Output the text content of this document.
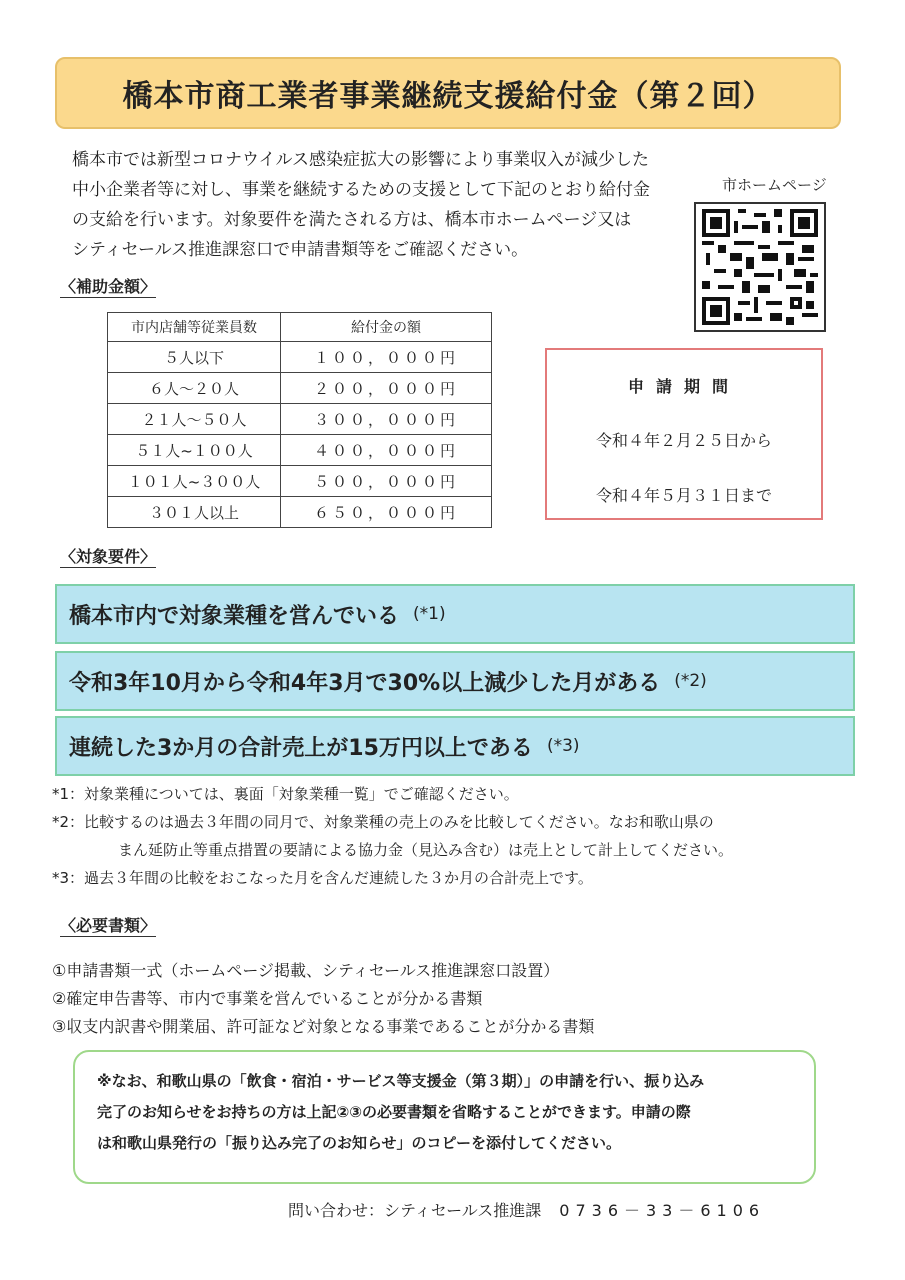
橋本市商工業者事業継続支援給付金（第２回）
橋本市では新型コロナウイルス感染症拡大の影響により事業収入が減少した
中小企業者等に対し、事業を継続するための支援として下記のとおり給付金
の支給を行います。対象要件を満たされる方は、橋本市ホームページ又は
シティセールス推進課窓口で申請書類等をご確認ください。
市ホームページ
〈補助金額〉
市内店舗等従業員数	給付金の額
５人以下	１００，０００円
６人～２０人	２００，０００円
２１人～５０人	３００，０００円
５１人~１００人	４００，０００円
１０１人~３００人	５００，０００円
３０１人以上	６５０，０００円
申請期間
令和４年２月２５日から
令和４年５月３１日まで
〈対象要件〉
橋本市内で対象業種を営んでいる (*1)
令和3年10月から令和4年3月で30%以上減少した月がある (*2)
連続した3か月の合計売上が15万円以上である (*3)
*1：対象業種については、裏面「対象業種一覧」でご確認ください。
*2：比較するのは過去３年間の同月で、対象業種の売上のみを比較してください。なお和歌山県の
まん延防止等重点措置の要請による協力金（見込み含む）は売上として計上してください。
*3：過去３年間の比較をおこなった月を含んだ連続した３か月の合計売上です。
〈必要書類〉
①申請書類一式（ホームページ掲載、シティセールス推進課窓口設置）
②確定申告書等、市内で事業を営んでいることが分かる書類
③収支内訳書や開業届、許可証など対象となる事業であることが分かる書類
※なお、和歌山県の「飲食・宿泊・サービス等支援金（第３期）」の申請を行い、振り込み
完了のお知らせをお持ちの方は上記②③の必要書類を省略することができます。申請の際
は和歌山県発行の「振り込み完了のお知らせ」のコピーを添付してください。
問い合わせ：シティセールス推進課 0736－33－6106
